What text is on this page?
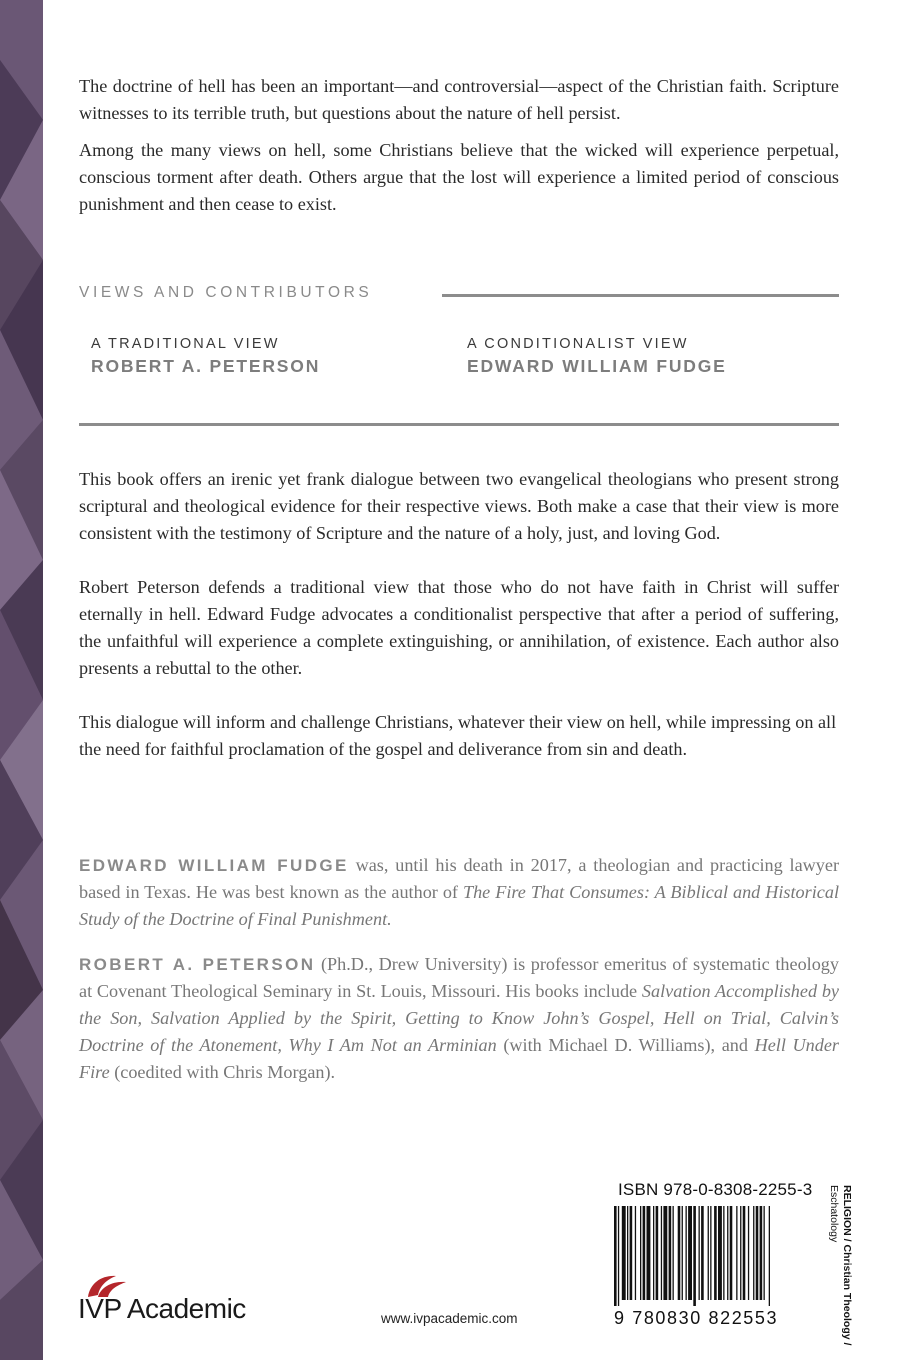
The doctrine of hell has been an important—and controversial—aspect of the Christian faith. Scripture witnesses to its terrible truth, but questions about the nature of hell persist.

Among the many views on hell, some Christians believe that the wicked will experience perpetual, conscious torment after death. Others argue that the lost will experience a limited period of conscious punishment and then cease to exist.

VIEWS AND CONTRIBUTORS
A TRADITIONAL VIEW
ROBERT A. PETERSON
A CONDITIONALIST VIEW
EDWARD WILLIAM FUDGE

This book offers an irenic yet frank dialogue between two evangelical theologians who present strong scriptural and theological evidence for their respective views. Both make a case that their view is more consistent with the testimony of Scripture and the nature of a holy, just, and loving God.

Robert Peterson defends a traditional view that those who do not have faith in Christ will suffer eternally in hell. Edward Fudge advocates a conditionalist perspective that after a period of suffering, the unfaithful will experience a complete extinguishing, or annihilation, of existence. Each author also presents a rebuttal to the other.

This dialogue will inform and challenge Christians, whatever their view on hell, while impressing on all the need for faithful proclamation of the gospel and deliverance from sin and death.

EDWARD WILLIAM FUDGE was, until his death in 2017, a theologian and practicing lawyer based in Texas. He was best known as the author of The Fire That Consumes: A Biblical and Historical Study of the Doctrine of Final Punishment.

ROBERT A. PETERSON (Ph.D., Drew University) is professor emeritus of systematic theology at Covenant Theological Seminary in St. Louis, Missouri. His books include Salvation Accomplished by the Son, Salvation Applied by the Spirit, Getting to Know John’s Gospel, Hell on Trial, Calvin’s Doctrine of the Atonement, Why I Am Not an Arminian (with Michael D. Williams), and Hell Under Fire (coedited with Chris Morgan).

IVP Academic	www.ivpacademic.com
ISBN 978-0-8308-2255-3
9 780830 822553	RELIGION / Christian Theology / Eschatology
